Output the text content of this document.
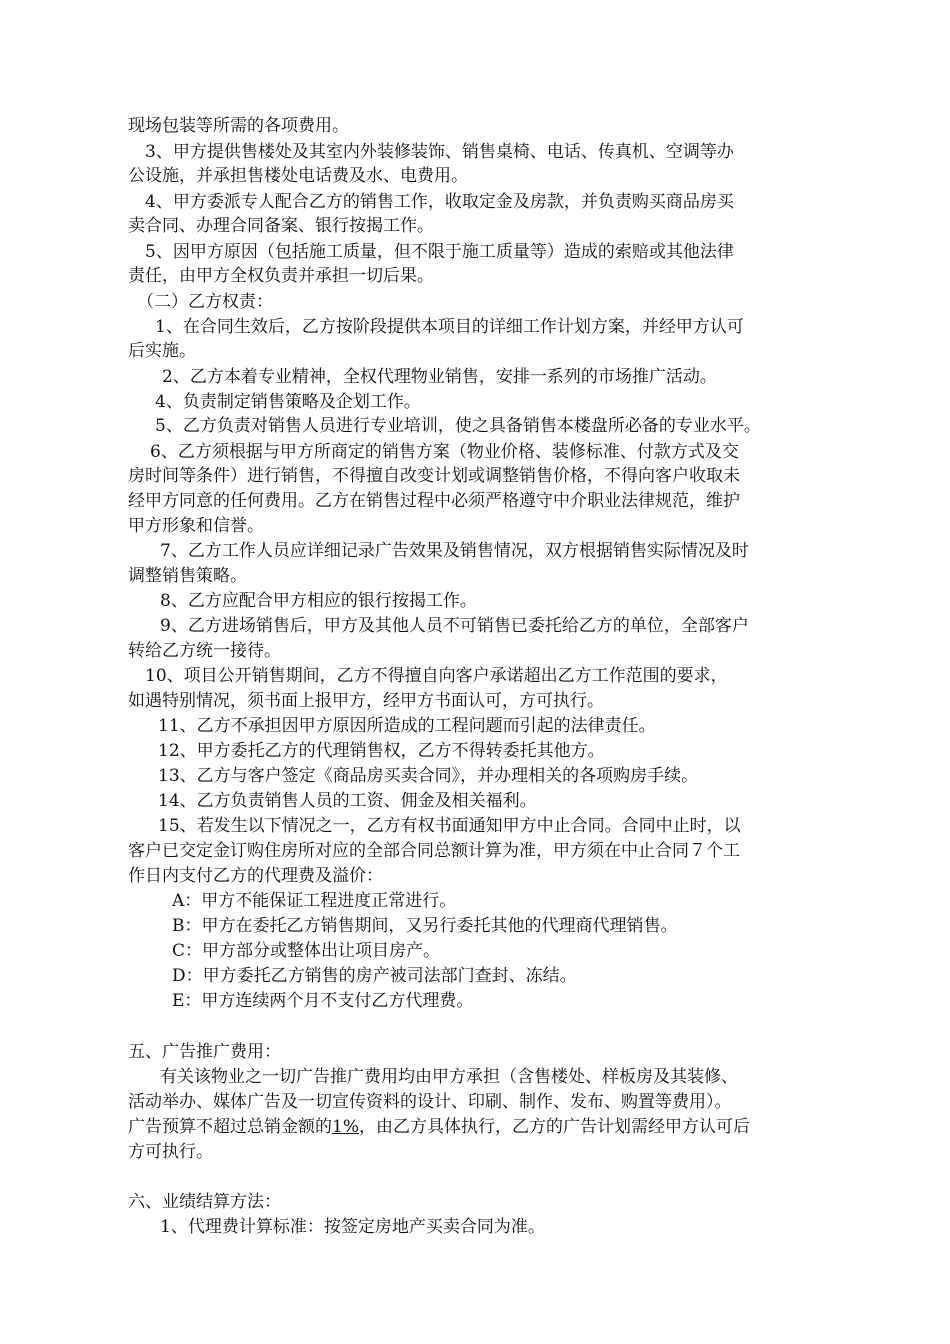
现场包装等所需的各项费用。
3、甲方提供售楼处及其室内外装修装饰、销售桌椅、电话、传真机、空调等办
公设施，并承担售楼处电话费及水、电费用。
4、甲方委派专人配合乙方的销售工作，收取定金及房款，并负责购买商品房买
卖合同、办理合同备案、银行按揭工作。
5、因甲方原因（包括施工质量，但不限于施工质量等）造成的索赔或其他法律
责任，由甲方全权负责并承担一切后果。
（二）乙方权责：
1、在合同生效后，乙方按阶段提供本项目的详细工作计划方案，并经甲方认可
后实施。
2、乙方本着专业精神，全权代理物业销售，安排一系列的市场推广活动。
4、负责制定销售策略及企划工作。
5、乙方负责对销售人员进行专业培训，使之具备销售本楼盘所必备的专业水平。
6、乙方须根据与甲方所商定的销售方案（物业价格、装修标准、付款方式及交
房时间等条件）进行销售，不得擅自改变计划或调整销售价格，不得向客户收取未
经甲方同意的任何费用。乙方在销售过程中必须严格遵守中介职业法律规范，维护
甲方形象和信誉。
7、乙方工作人员应详细记录广告效果及销售情况，双方根据销售实际情况及时
调整销售策略。
8、乙方应配合甲方相应的银行按揭工作。
9、乙方进场销售后，甲方及其他人员不可销售已委托给乙方的单位，全部客户
转给乙方统一接待。
10、项目公开销售期间，乙方不得擅自向客户承诺超出乙方工作范围的要求，
如遇特别情况，须书面上报甲方，经甲方书面认可，方可执行。
11、乙方不承担因甲方原因所造成的工程问题而引起的法律责任。
12、甲方委托乙方的代理销售权，乙方不得转委托其他方。
13、乙方与客户签定《商品房买卖合同》，并办理相关的各项购房手续。
14、乙方负责销售人员的工资、佣金及相关福利。
15、若发生以下情况之一，乙方有权书面通知甲方中止合同。合同中止时，以
客户已交定金订购住房所对应的全部合同总额计算为准，甲方须在中止合同７个工
作日内支付乙方的代理费及溢价：
A：甲方不能保证工程进度正常进行。
B：甲方在委托乙方销售期间，又另行委托其他的代理商代理销售。
C：甲方部分或整体出让项目房产。
D：甲方委托乙方销售的房产被司法部门查封、冻结。
E：甲方连续两个月不支付乙方代理费。
五、广告推广费用：
有关该物业之一切广告推广费用均由甲方承担（含售楼处、样板房及其装修、
活动举办、媒体广告及一切宣传资料的设计、印刷、制作、发布、购置等费用）。
广告预算不超过总销金额的1%，由乙方具体执行，乙方的广告计划需经甲方认可后
方可执行。
六、业绩结算方法：
1、代理费计算标准：按签定房地产买卖合同为准。
